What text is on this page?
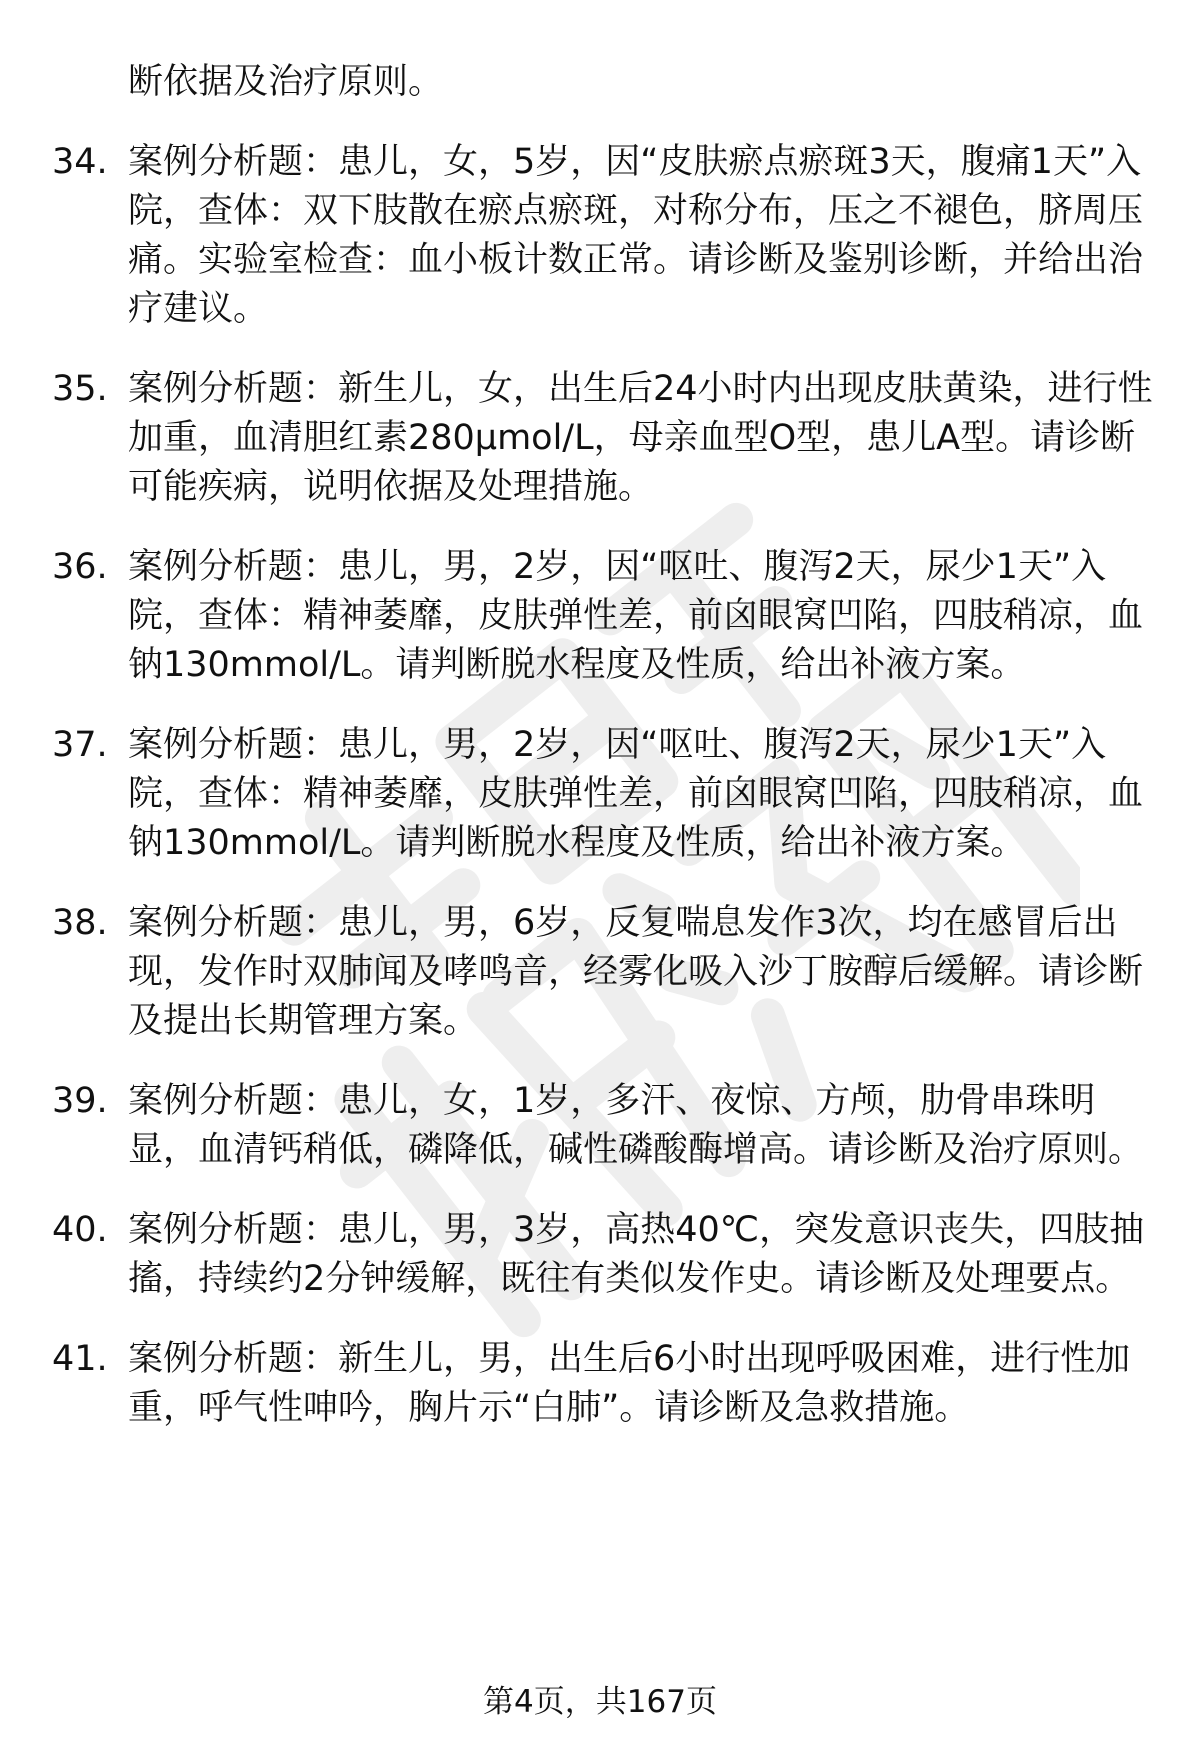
断依据及治疗原则。
34. 案例分析题：患儿，女，5岁，因“皮肤瘀点瘀斑3天，腹痛1天”入院，查体：双下肢散在瘀点瘀斑，对称分布，压之不褪色，脐周压痛。实验室检查：血小板计数正常。请诊断及鉴别诊断，并给出治疗建议。
35. 案例分析题：新生儿，女，出生后24小时内出现皮肤黄染，进行性加重，血清胆红素280μmol/L，母亲血型O型，患儿A型。请诊断可能疾病，说明依据及处理措施。
36. 案例分析题：患儿，男，2岁，因“呕吐、腹泻2天，尿少1天”入院，查体：精神萎靡，皮肤弹性差，前囟眼窝凹陷，四肢稍凉，血钠130mmol/L。请判断脱水程度及性质，给出补液方案。
37. 案例分析题：患儿，男，2岁，因“呕吐、腹泻2天，尿少1天”入院，查体：精神萎靡，皮肤弹性差，前囟眼窝凹陷，四肢稍凉，血钠130mmol/L。请判断脱水程度及性质，给出补液方案。
38. 案例分析题：患儿，男，6岁，反复喘息发作3次，均在感冒后出现，发作时双肺闻及哮鸣音，经雾化吸入沙丁胺醇后缓解。请诊断及提出长期管理方案。
39. 案例分析题：患儿，女，1岁，多汗、夜惊、方颅，肋骨串珠明显，血清钙稍低，磷降低，碱性磷酸酶增高。请诊断及治疗原则。
40. 案例分析题：患儿，男，3岁，高热40℃，突发意识丧失，四肢抽搐，持续约2分钟缓解，既往有类似发作史。请诊断及处理要点。
41. 案例分析题：新生儿，男，出生后6小时出现呼吸困难，进行性加重，呼气性呻吟，胸片示“白肺”。请诊断及急救措施。
第4页，共167页
